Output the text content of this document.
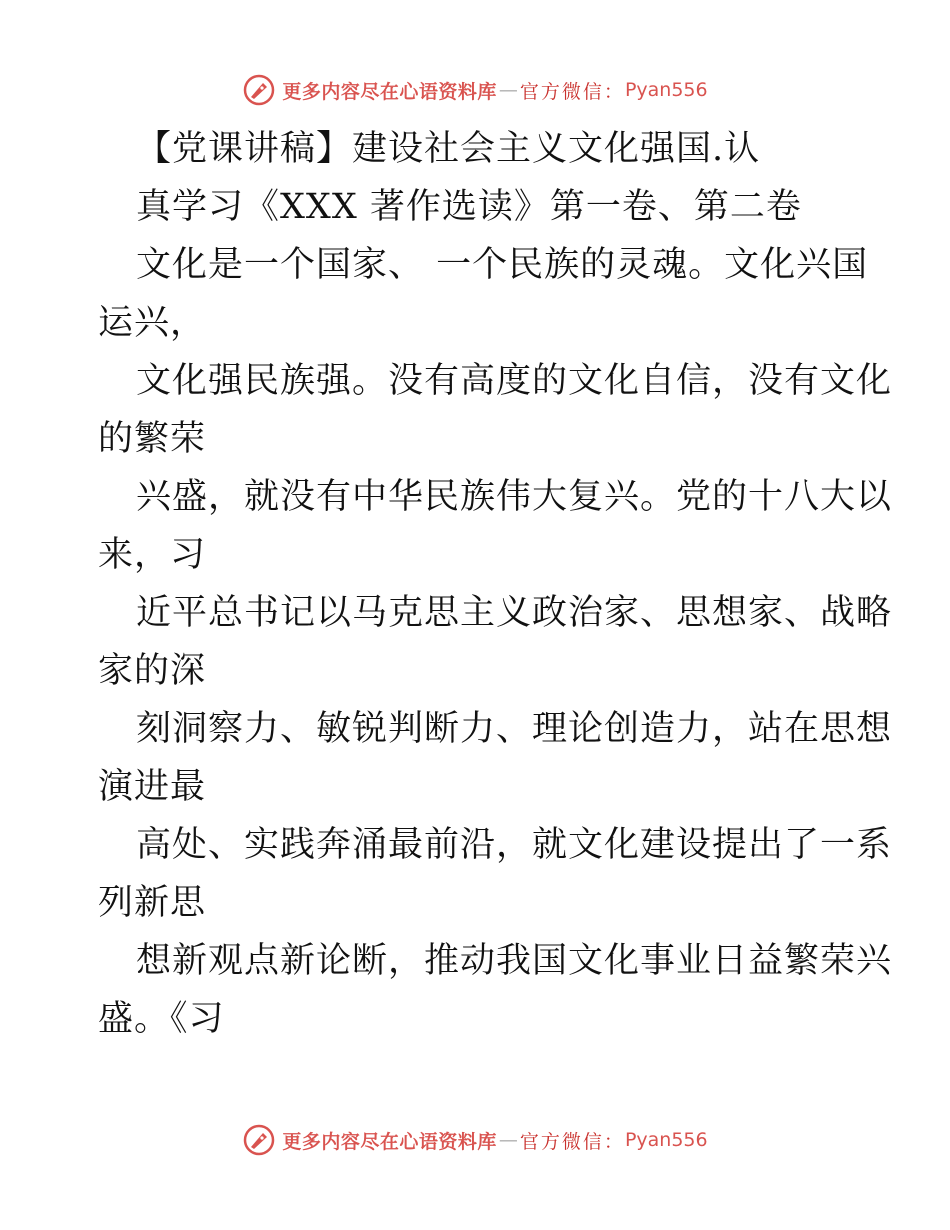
更多内容尽在心语资料库 — 官方微信： Pyan556
【党课讲稿】建设社会主义文化强国.认
真学习《XXX 著作选读》第一卷、第二卷
文化是一个国家、 一个民族的灵魂。文化兴国
运兴，
文化强民族强。没有高度的文化自信，没有文化
的繁荣
兴盛，就没有中华民族伟大复兴。党的十八大以
来，习
近平总书记以马克思主义政治家、思想家、战略
家的深
刻洞察力、敏锐判断力、理论创造力，站在思想
演进最
高处、实践奔涌最前沿，就文化建设提出了一系
列新思
想新观点新论断，推动我国文化事业日益繁荣兴
盛。《习
更多内容尽在心语资料库 — 官方微信： Pyan556
